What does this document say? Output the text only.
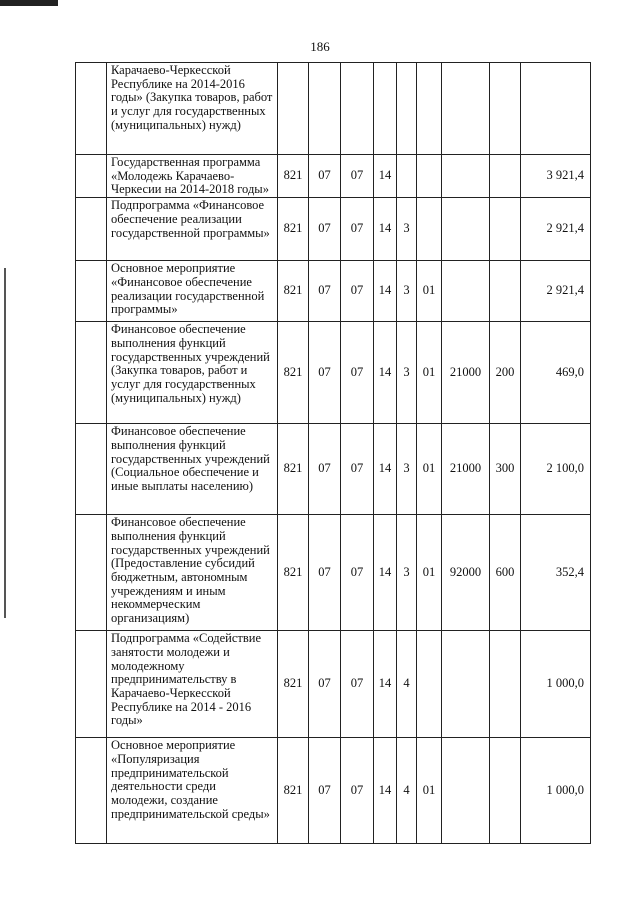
186
	Карачаево-Черкесской Республике на 2014-2016 годы» (Закупка товаров, работ и услуг для государственных (муниципальных) нужд)									
	Государственная программа «Молодежь Карачаево-Черкесии на 2014-2018 годы»	821	07	07	14					3 921,4
	Подпрограмма «Финансовое обеспечение реализации государственной программы»	821	07	07	14	3				2 921,4
	Основное мероприятие «Финансовое обеспечение реализации государственной программы»	821	07	07	14	3	01			2 921,4
	Финансовое обеспечение выполнения функций государственных учреждений (Закупка товаров, работ и услуг для государственных (муниципальных) нужд)	821	07	07	14	3	01	21000	200	469,0
	Финансовое обеспечение выполнения функций государственных учреждений (Социальное обеспечение и иные выплаты населению)	821	07	07	14	3	01	21000	300	2 100,0
	Финансовое обеспечение выполнения функций государственных учреждений (Предоставление субсидий бюджетным, автономным учреждениям и иным некоммерческим организациям)	821	07	07	14	3	01	92000	600	352,4
	Подпрограмма «Содействие занятости молодежи и молодежному предпринимательству в Карачаево-Черкесской Республике на 2014 - 2016 годы»	821	07	07	14	4				1 000,0
	Основное мероприятие «Популяризация предпринимательской деятельности среди молодежи, создание предпринимательской среды»	821	07	07	14	4	01			1 000,0
